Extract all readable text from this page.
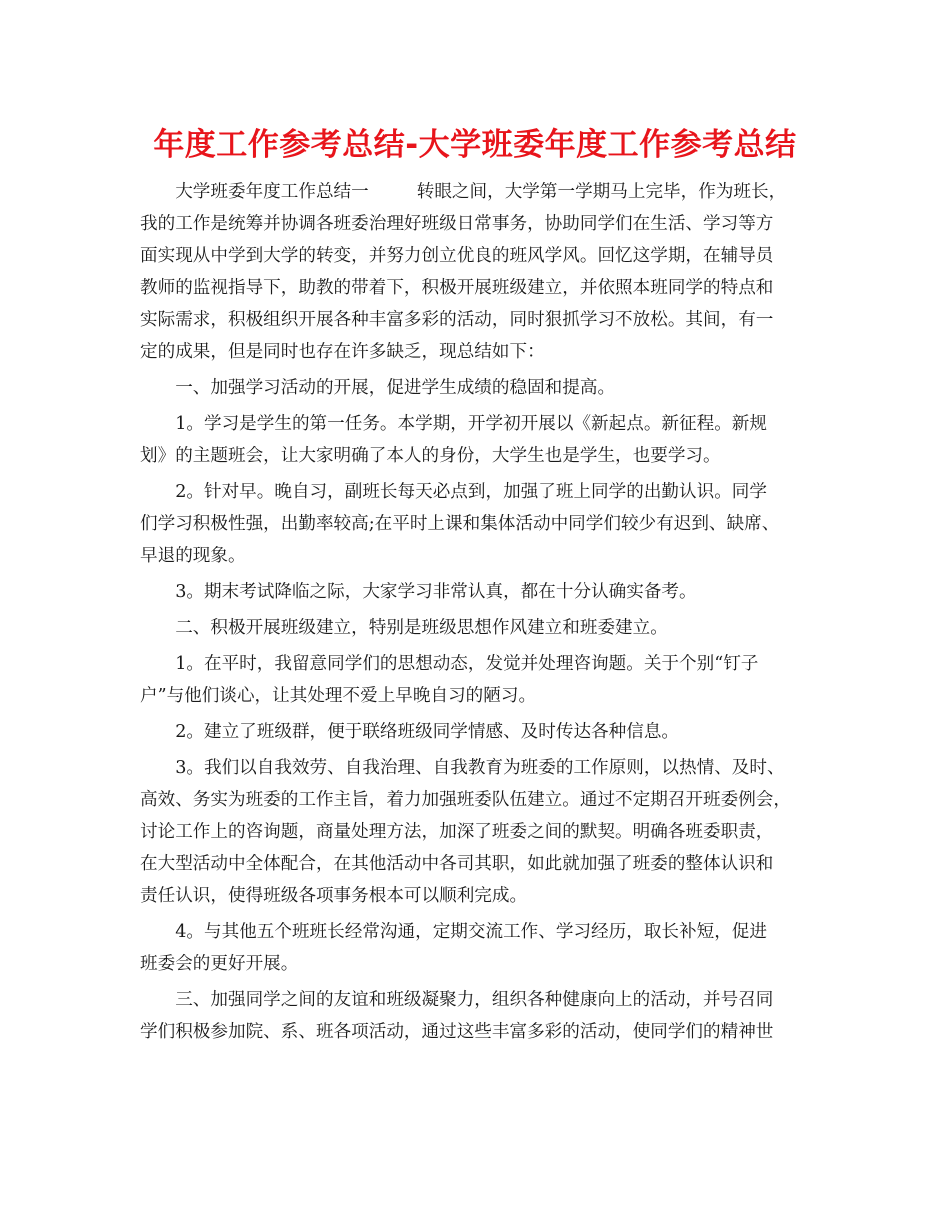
年度工作参考总结-大学班委年度工作参考总结

大学班委年度工作总结一	转眼之间，大学第一学期马上完毕，作为班长，
我的工作是统筹并协调各班委治理好班级日常事务，协助同学们在生活、学习等方
面实现从中学到大学的转变，并努力创立优良的班风学风。回忆这学期，在辅导员
教师的监视指导下，助教的带着下，积极开展班级建立，并依照本班同学的特点和
实际需求，积极组织开展各种丰富多彩的活动，同时狠抓学习不放松。其间，有一
定的成果，但是同时也存在许多缺乏，现总结如下：

一、加强学习活动的开展，促进学生成绩的稳固和提高。

1。学习是学生的第一任务。本学期，开学初开展以《新起点。新征程。新规
划》的主题班会，让大家明确了本人的身份，大学生也是学生，也要学习。

2。针对早。晚自习，副班长每天必点到，加强了班上同学的出勤认识。同学
们学习积极性强，出勤率较高;在平时上课和集体活动中同学们较少有迟到、缺席、
早退的现象。

3。期末考试降临之际，大家学习非常认真，都在十分认确实备考。

二、积极开展班级建立，特别是班级思想作风建立和班委建立。

1。在平时，我留意同学们的思想动态，发觉并处理咨询题。关于个别“钉子
户”与他们谈心，让其处理不爱上早晚自习的陋习。

2。建立了班级群，便于联络班级同学情感、及时传达各种信息。

3。我们以自我效劳、自我治理、自我教育为班委的工作原则，以热情、及时、
高效、务实为班委的工作主旨，着力加强班委队伍建立。通过不定期召开班委例会，
讨论工作上的咨询题，商量处理方法，加深了班委之间的默契。明确各班委职责，
在大型活动中全体配合，在其他活动中各司其职，如此就加强了班委的整体认识和
责任认识，使得班级各项事务根本可以顺利完成。

4。与其他五个班班长经常沟通，定期交流工作、学习经历，取长补短，促进
班委会的更好开展。

三、加强同学之间的友谊和班级凝聚力，组织各种健康向上的活动，并号召同
学们积极参加院、系、班各项活动，通过这些丰富多彩的活动，使同学们的精神世
